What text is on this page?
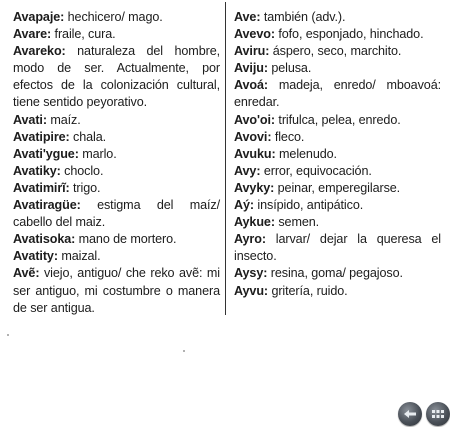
Avapaje: hechicero/ mago.

Avare: fraile, cura.

Avareko: naturaleza del hombre, modo de ser. Actualmente, por efectos de la colonización cultural, tiene sentido peyorativo.

Avati: maíz.

Avatipire: chala.

Avati'ygue: marlo.

Avatiky: choclo.

Avatimirĩ: trigo.

Avatiragüe: estigma del maíz/ cabello del maiz.

Avatisoka: mano de mortero.

Avatity: maizal.

Avẽ: viejo, antiguo/ che reko avẽ: mi ser antiguo, mi costumbre o manera de ser antigua.

Ave: también (adv.).

Avevo: fofo, esponjado, hinchado.

Aviru: áspero, seco, marchito.

Aviju: pelusa.

Avoá: madeja, enredo/ mboavoá: enredar.

Avo'oi: trifulca, pelea, enredo.

Avovi: fleco.

Avuku: melenudo.

Avy: error, equivocación.

Avyky: peinar, emperegilarse.

Aý: insípido, antipático.

Aykue: semen.

Ayro: larvar/ dejar la queresa el insecto.

Aysy: resina, goma/ pegajoso.

Ayvu: gritería, ruido.
